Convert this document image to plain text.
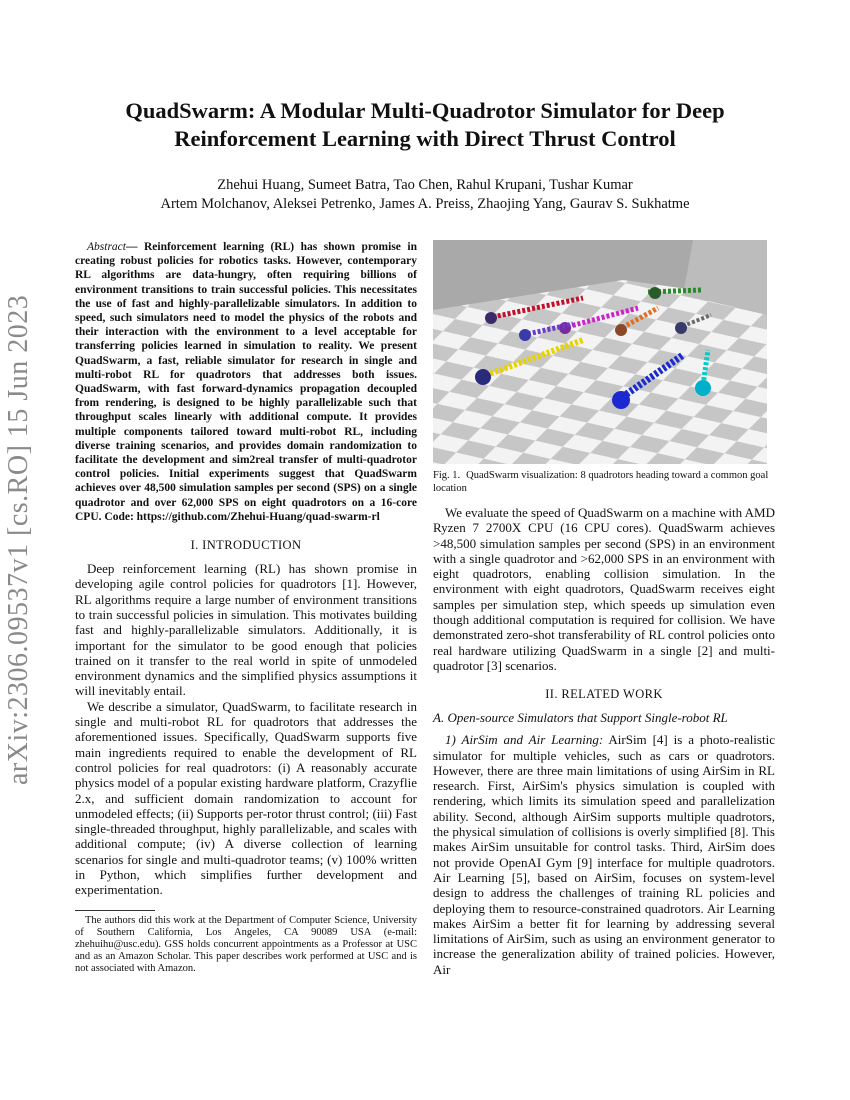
arXiv:2306.09537v1 [cs.RO] 15 Jun 2023
QuadSwarm: A Modular Multi-Quadrotor Simulator for Deep
Reinforcement Learning with Direct Thrust Control
Zhehui Huang, Sumeet Batra, Tao Chen, Rahul Krupani, Tushar Kumar
Artem Molchanov, Aleksei Petrenko, James A. Preiss, Zhaojing Yang, Gaurav S. Sukhatme
Abstract— Reinforcement learning (RL) has shown promise in creating robust policies for robotics tasks. However, contemporary RL algorithms are data-hungry, often requiring billions of environment transitions to train successful policies. This necessitates the use of fast and highly-parallelizable simulators. In addition to speed, such simulators need to model the physics of the robots and their interaction with the environment to a level acceptable for transferring policies learned in simulation to reality. We present QuadSwarm, a fast, reliable simulator for research in single and multi-robot RL for quadrotors that addresses both issues. QuadSwarm, with fast forward-dynamics propagation decoupled from rendering, is designed to be highly parallelizable such that throughput scales linearly with additional compute. It provides multiple components tailored toward multi-robot RL, including diverse training scenarios, and provides domain randomization to facilitate the development and sim2real transfer of multi-quadrotor control policies. Initial experiments suggest that QuadSwarm achieves over 48,500 simulation samples per second (SPS) on a single quadrotor and over 62,000 SPS on eight quadrotors on a 16-core CPU. Code: https://github.com/Zhehui-Huang/quad-swarm-rl
I. INTRODUCTION

Deep reinforcement learning (RL) has shown promise in developing agile control policies for quadrotors [1]. However, RL algorithms require a large number of environment transitions to train successful policies in simulation. This motivates building fast and highly-parallelizable simulators. Additionally, it is important for the simulator to be good enough that policies trained on it transfer to the real world in spite of unmodeled environment dynamics and the simplified physics assumptions it will inevitably entail.

We describe a simulator, QuadSwarm, to facilitate research in single and multi-robot RL for quadrotors that addresses the aforementioned issues. Specifically, QuadSwarm supports five main ingredients required to enable the development of RL control policies for real quadrotors: (i) A reasonably accurate physics model of a popular existing hardware platform, Crazyflie 2.x, and sufficient domain randomization to account for unmodeled effects; (ii) Supports per-rotor thrust control; (iii) Fast single-threaded throughput, highly parallelizable, and scales with additional compute; (iv) A diverse collection of learning scenarios for single and multi-quadrotor teams; (v) 100% written in Python, which simplifies further development and experimentation.

The authors did this work at the Department of Computer Science, University of Southern California, Los Angeles, CA 90089 USA (e-mail: zhehuihu@usc.edu). GSS holds concurrent appointments as a Professor at USC and as an Amazon Scholar. This paper describes work performed at USC and is not associated with Amazon.
Fig. 1. QuadSwarm visualization: 8 quadrotors heading toward a common goal location

We evaluate the speed of QuadSwarm on a machine with AMD Ryzen 7 2700X CPU (16 CPU cores). QuadSwarm achieves >48,500 simulation samples per second (SPS) in an environment with a single quadrotor and >62,000 SPS in an environment with eight quadrotors, enabling collision simulation. In the environment with eight quadrotors, QuadSwarm receives eight samples per simulation step, which speeds up simulation even though additional computation is required for collision. We have demonstrated zero-shot transferability of RL control policies onto real hardware utilizing QuadSwarm in a single [2] and multi-quadrotor [3] scenarios.

II. RELATED WORK
A. Open-source Simulators that Support Single-robot RL

1) AirSim and Air Learning: AirSim [4] is a photo-realistic simulator for multiple vehicles, such as cars or quadrotors. However, there are three main limitations of using AirSim in RL research. First, AirSim's physics simulation is coupled with rendering, which limits its simulation speed and parallelization ability. Second, although AirSim supports multiple quadrotors, the physical simulation of collisions is overly simplified [8]. This makes AirSim unsuitable for control tasks. Third, AirSim does not provide OpenAI Gym [9] interface for multiple quadrotors. Air Learning [5], based on AirSim, focuses on system-level design to address the challenges of training RL policies and deploying them to resource-constrained quadrotors. Air Learning makes AirSim a better fit for learning by addressing several limitations of AirSim, such as using an environment generator to increase the generalization ability of trained policies. However, Air
